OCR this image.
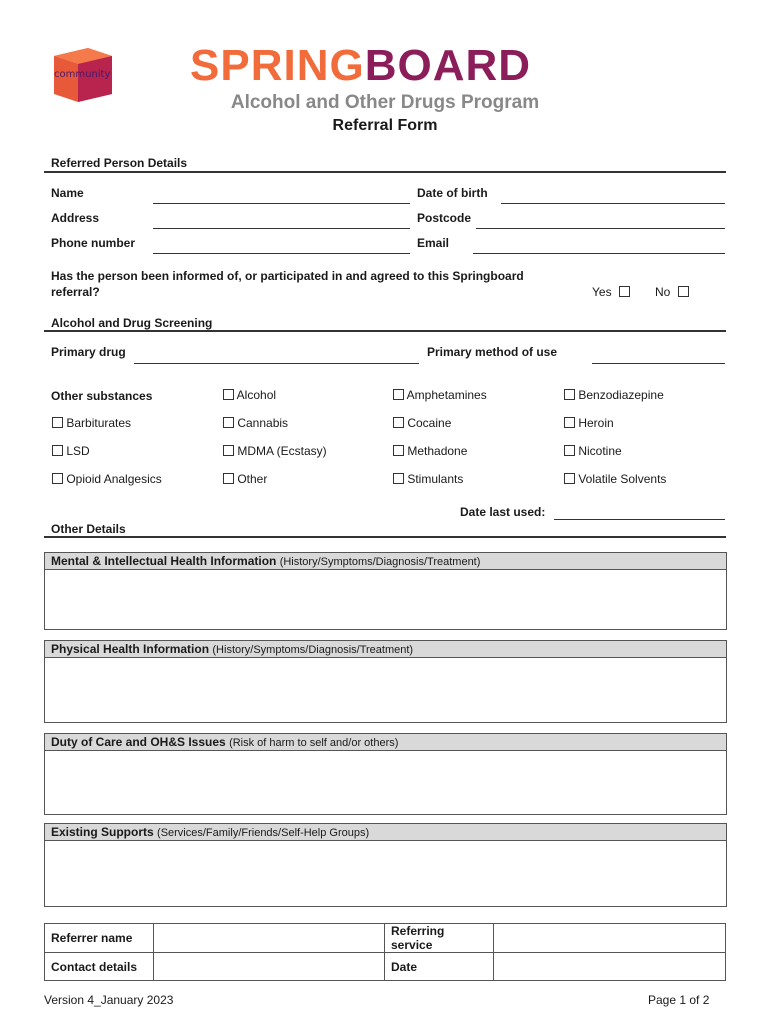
community SPRINGBOARD
Alcohol and Other Drugs Program
Referral Form
Referred Person Details
Name	Date of birth
Address	Postcode
Phone number	Email
Has the person been informed of, or participated in and agreed to this Springboard referral?	Yes	No
Alcohol and Drug Screening
Primary drug	Primary method of use
Other substances	Alcohol	Amphetamines	Benzodiazepine
Barbiturates	Cannabis	Cocaine	Heroin
LSD	MDMA (Ecstasy)	Methadone	Nicotine
Opioid Analgesics	Other	Stimulants	Volatile Solvents
Date last used:
Other Details
Mental & Intellectual Health Information (History/Symptoms/Diagnosis/Treatment)
Physical Health Information (History/Symptoms/Diagnosis/Treatment)
Duty of Care and OH&S Issues (Risk of harm to self and/or others)
Existing Supports (Services/Family/Friends/Self-Help Groups)
Referrer name		Referring service	
Contact details		Date	
Version 4_January 2023	Page 1 of 2
